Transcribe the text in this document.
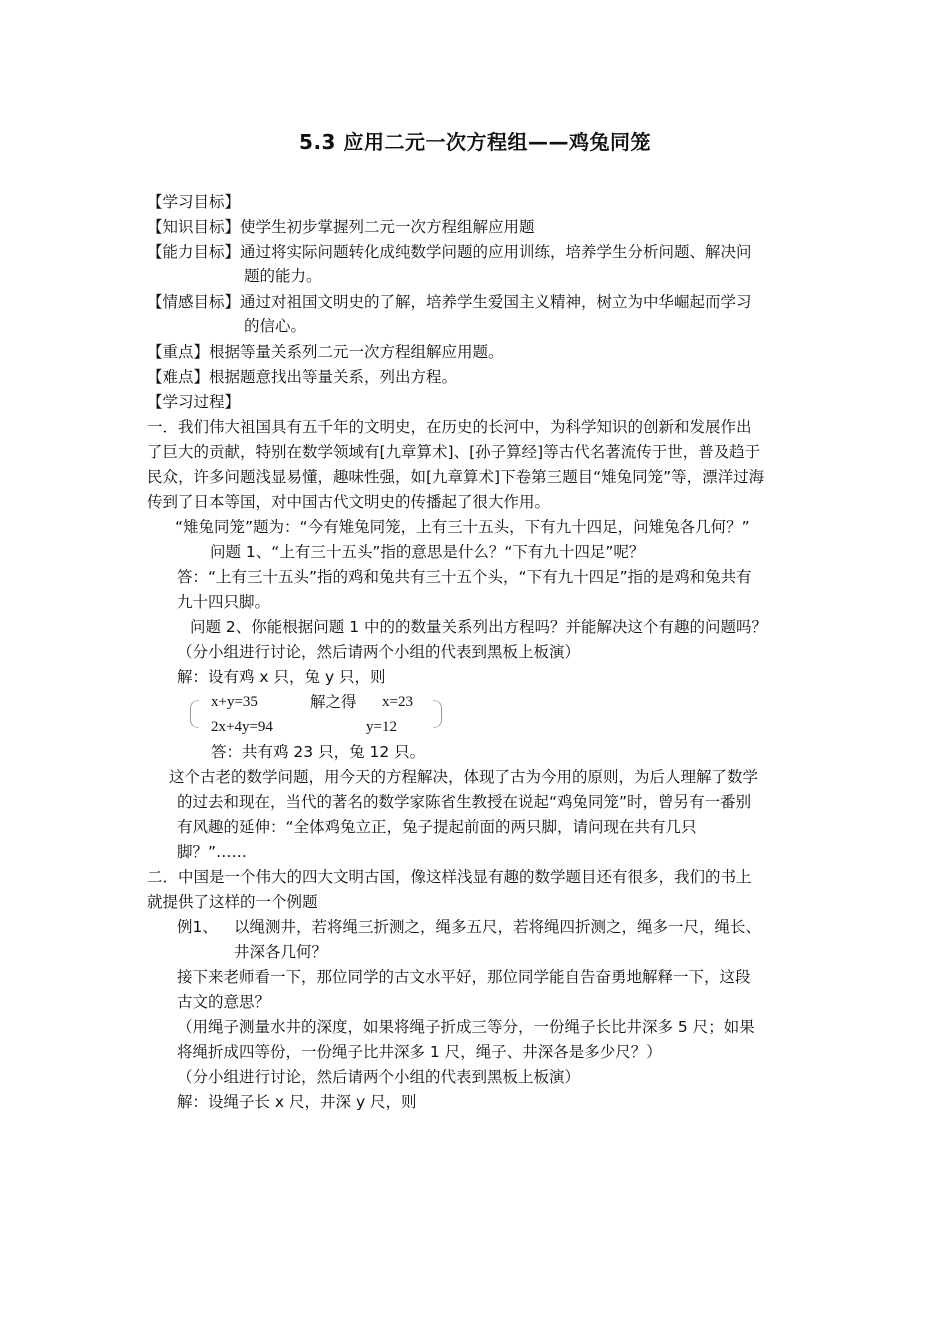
5.3 应用二元一次方程组——鸡兔同笼
【学习目标】
【知识目标】使学生初步掌握列二元一次方程组解应用题
【能力目标】通过将实际问题转化成纯数学问题的应用训练，培养学生分析问题、解决问
题的能力。
【情感目标】通过对祖国文明史的了解，培养学生爱国主义精神，树立为中华崛起而学习
的信心。
【重点】根据等量关系列二元一次方程组解应用题。
【难点】根据题意找出等量关系，列出方程。
【学习过程】
一．我们伟大祖国具有五千年的文明史，在历史的长河中，为科学知识的创新和发展作出
了巨大的贡献，特别在数学领域有[九章算术]、[孙子算经]等古代名著流传于世，普及趋于
民众，许多问题浅显易懂，趣味性强，如[九章算术]下卷第三题目“雉兔同笼”等，漂洋过海
传到了日本等国，对中国古代文明史的传播起了很大作用。
“雉兔同笼”题为：“今有雉兔同笼，上有三十五头，下有九十四足，问雉兔各几何？”
问题 1、“上有三十五头”指的意思是什么？“下有九十四足”呢？
答：“上有三十五头”指的鸡和兔共有三十五个头，“下有九十四足”指的是鸡和兔共有
九十四只脚。
问题 2、你能根据问题 1 中的的数量关系列出方程吗？并能解决这个有趣的问题吗？
（分小组进行讨论，然后请两个小组的代表到黑板上板演）
解：设有鸡 x 只，兔 y 只，则
x+y=35	解之得 x=23
2x+4y=94	y=12
答：共有鸡 23 只，兔 12 只。
这个古老的数学问题，用今天的方程解决，体现了古为今用的原则，为后人理解了数学
的过去和现在，当代的著名的数学家陈省生教授在说起“鸡兔同笼”时，曾另有一番别
有风趣的延伸：“全体鸡兔立正，兔子提起前面的两只脚，请问现在共有几只
脚？”……
二．中国是一个伟大的四大文明古国，像这样浅显有趣的数学题目还有很多，我们的书上
就提供了这样的一个例题
例1、 以绳测井，若将绳三折测之，绳多五尺，若将绳四折测之，绳多一尺，绳长、
井深各几何？
接下来老师看一下，那位同学的古文水平好，那位同学能自告奋勇地解释一下，这段
古文的意思？
（用绳子测量水井的深度，如果将绳子折成三等分，一份绳子长比井深多 5 尺；如果
将绳折成四等份，一份绳子比井深多 1 尺，绳子、井深各是多少尺？）
（分小组进行讨论，然后请两个小组的代表到黑板上板演）
解：设绳子长 x 尺，井深 y 尺，则
